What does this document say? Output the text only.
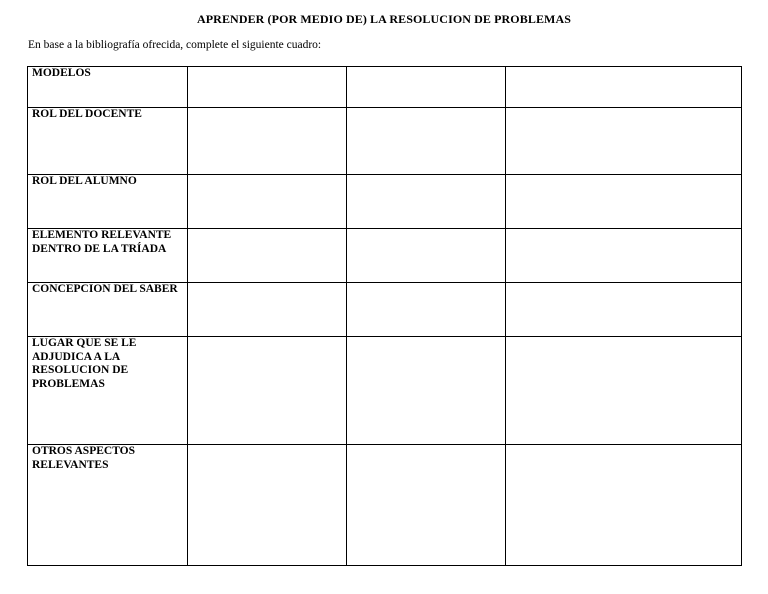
APRENDER (POR MEDIO DE) LA RESOLUCION DE PROBLEMAS
En base a la bibliografía ofrecida, complete el siguiente cuadro:
MODELOS			
ROL DEL DOCENTE			
ROL DEL ALUMNO			
ELEMENTO RELEVANTE DENTRO DE LA TRÍADA			
CONCEPCION DEL SABER			
LUGAR QUE SE LE ADJUDICA A LA RESOLUCION DE PROBLEMAS			
OTROS ASPECTOS RELEVANTES			
